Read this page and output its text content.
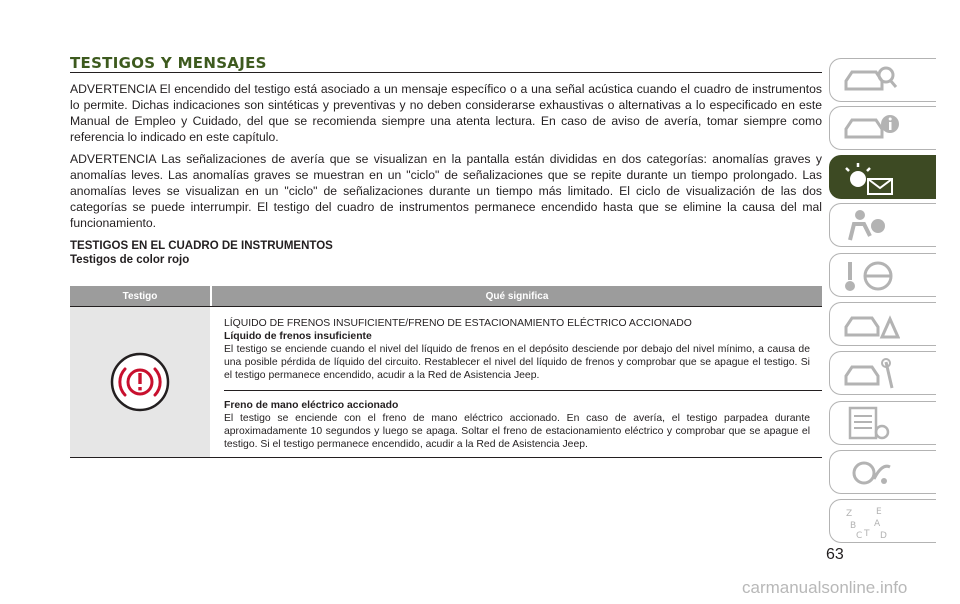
TESTIGOS Y MENSAJES

ADVERTENCIA El encendido del testigo está asociado a un mensaje específico o a una señal acústica cuando el cuadro de instrumentos lo permite. Dichas indicaciones son sintéticas y preventivas y no deben considerarse exhaustivas o alternativas a lo especificado en este Manual de Empleo y Cuidado, del que se recomienda siempre una atenta lectura. En caso de aviso de avería, tomar siempre como referencia lo indicado en este capítulo.

ADVERTENCIA Las señalizaciones de avería que se visualizan en la pantalla están divididas en dos categorías: anomalías graves y anomalías leves. Las anomalías graves se muestran en un "ciclo" de señalizaciones que se repite durante un tiempo prolongado. Las anomalías leves se visualizan en un "ciclo" de señalizaciones durante un tiempo más limitado. El ciclo de visualización de las dos categorías se puede interrumpir. El testigo del cuadro de instrumentos permanece encendido hasta que se elimine la causa del mal funcionamiento.

TESTIGOS EN EL CUADRO DE INSTRUMENTOS

Testigos de color rojo

Testigo	Qué significa
LÍQUIDO DE FRENOS INSUFICIENTE/FRENO DE ESTACIONAMIENTO ELÉCTRICO ACCIONADO
Líquido de frenos insuficiente
El testigo se enciende cuando el nivel del líquido de frenos en el depósito desciende por debajo del nivel mínimo, a causa de una posible pérdida de líquido del circuito. Restablecer el nivel del líquido de frenos y comprobar que se apague el testigo. Si el testigo permanece encendido, acudir a la Red de Asistencia Jeep.
Freno de mano eléctrico accionado
El testigo se enciende con el freno de mano eléctrico accionado. En caso de avería, el testigo parpadea durante aproximadamente 10 segundos y luego se apaga. Soltar el freno de estacionamiento eléctrico y comprobar que se apague el testigo. Si el testigo permanece encendido, acudir a la Red de Asistencia Jeep.
Z	E
B A
C T D
63
carmanualsonline.info
